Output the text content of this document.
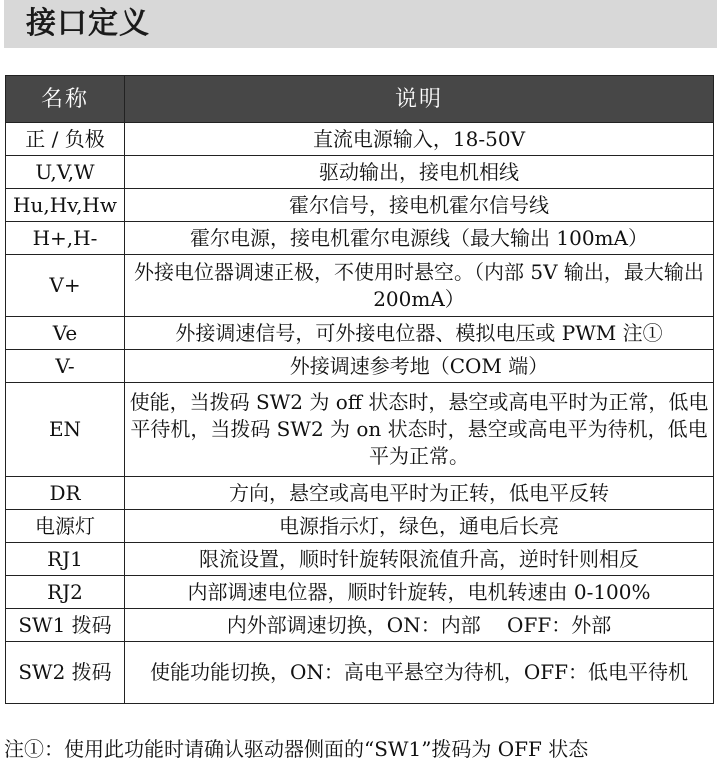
接口定义
名称	说明
正 / 负极	直流电源输入，18-50V
U,V,W	驱动输出，接电机相线
Hu,Hv,Hw	霍尔信号，接电机霍尔信号线
H+,H-	霍尔电源，接电机霍尔电源线（最大输出 100mA）
V+	外接电位器调速正极，不使用时悬空。（内部 5V 输出，最大输出 200mA）
Ve	外接调速信号，可外接电位器、模拟电压或 PWM 注①
V-	外接调速参考地（COM 端）
EN	使能，当拨码 SW2 为 off 状态时，悬空或高电平时为正常，低电平待机，当拨码 SW2 为 on 状态时，悬空或高电平为待机，低电平为正常。
DR	方向，悬空或高电平时为正转，低电平反转
电源灯	电源指示灯，绿色，通电后长亮
RJ1	限流设置，顺时针旋转限流值升高，逆时针则相反
RJ2	内部调速电位器，顺时针旋转，电机转速由 0-100%
SW1 拨码	内外部调速切换，ON：内部　 OFF：外部
SW2 拨码	使能功能切换，ON：高电平悬空为待机，OFF：低电平待机
注①：使用此功能时请确认驱动器侧面的“SW1”拨码为 OFF 状态
